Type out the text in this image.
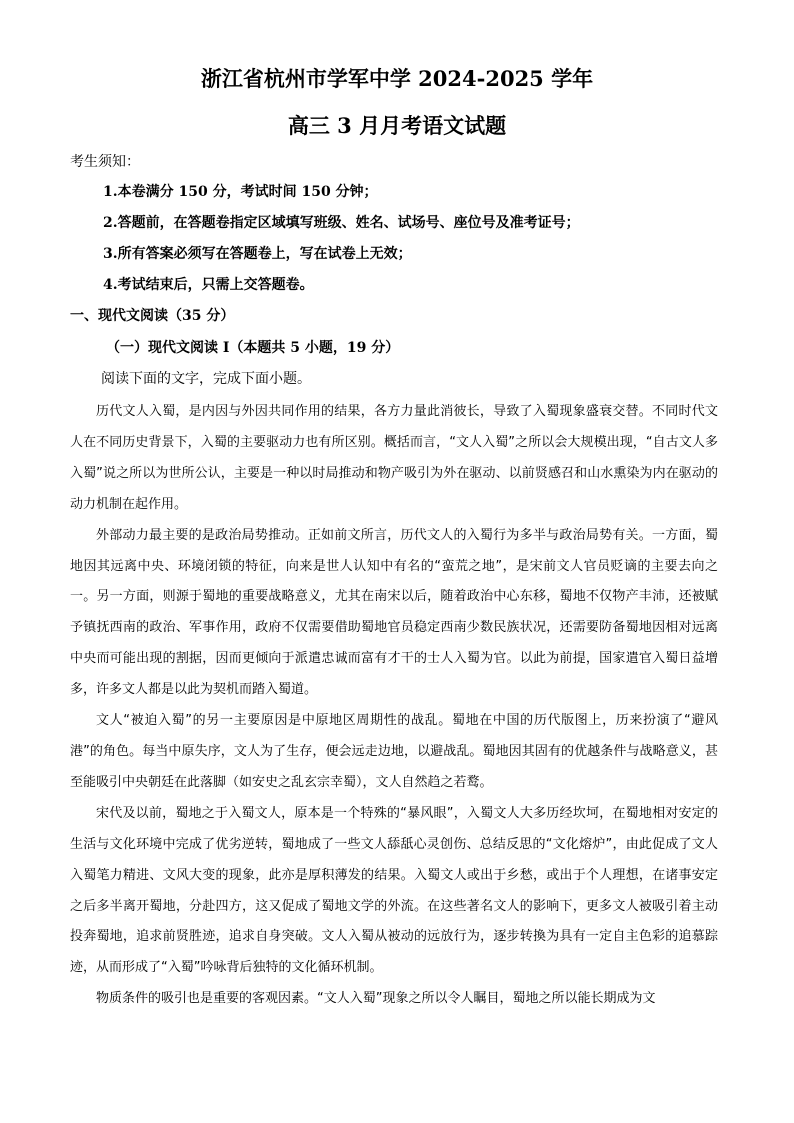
浙江省杭州市学军中学 2024-2025 学年
高三 3 月月考语文试题
考生须知：
1.本卷满分 150 分，考试时间 150 分钟；
2.答题前，在答题卷指定区域填写班级、姓名、试场号、座位号及准考证号；
3.所有答案必须写在答题卷上，写在试卷上无效；
4.考试结束后，只需上交答题卷。
一、现代文阅读（35 分）
（一）现代文阅读 I（本题共 5 小题，19 分）
阅读下面的文字，完成下面小题。

历代文人入蜀，是内因与外因共同作用的结果，各方力量此消彼长，导致了入蜀现象盛衰交替。不同时代文人在不同历史背景下，入蜀的主要驱动力也有所区别。概括而言，“文人入蜀”之所以会大规模出现，“自古文人多入蜀”说之所以为世所公认，主要是一种以时局推动和物产吸引为外在驱动、以前贤感召和山水熏染为内在驱动的动力机制在起作用。

外部动力最主要的是政治局势推动。正如前文所言，历代文人的入蜀行为多半与政治局势有关。一方面，蜀地因其远离中央、环境闭锁的特征，向来是世人认知中有名的“蛮荒之地”，是宋前文人官员贬谪的主要去向之一。另一方面，则源于蜀地的重要战略意义，尤其在南宋以后，随着政治中心东移，蜀地不仅物产丰沛，还被赋予镇抚西南的政治、军事作用，政府不仅需要借助蜀地官员稳定西南少数民族状况，还需要防备蜀地因相对远离中央而可能出现的割据，因而更倾向于派遣忠诚而富有才干的士人入蜀为官。以此为前提，国家遣官入蜀日益增多，许多文人都是以此为契机而踏入蜀道。

文人“被迫入蜀”的另一主要原因是中原地区周期性的战乱。蜀地在中国的历代版图上，历来扮演了“避风港”的角色。每当中原失序，文人为了生存，便会远走边地，以避战乱。蜀地因其固有的优越条件与战略意义，甚至能吸引中央朝廷在此落脚（如安史之乱玄宗幸蜀），文人自然趋之若鹜。

宋代及以前，蜀地之于入蜀文人，原本是一个特殊的“暴风眼”，入蜀文人大多历经坎坷，在蜀地相对安定的生活与文化环境中完成了优劣逆转，蜀地成了一些文人舔舐心灵创伤、总结反思的“文化熔炉”，由此促成了文人入蜀笔力精进、文风大变的现象，此亦是厚积薄发的结果。入蜀文人或出于乡愁，或出于个人理想，在诸事安定之后多半离开蜀地，分赴四方，这又促成了蜀地文学的外流。在这些著名文人的影响下，更多文人被吸引着主动投奔蜀地，追求前贤胜迹，追求自身突破。文人入蜀从被动的远放行为，逐步转換为具有一定自主色彩的追慕踪迹，从而形成了“入蜀”吟咏背后独特的文化循环机制。

物质条件的吸引也是重要的客观因素。“文人入蜀”现象之所以令人瞩目，蜀地之所以能长期成为文
